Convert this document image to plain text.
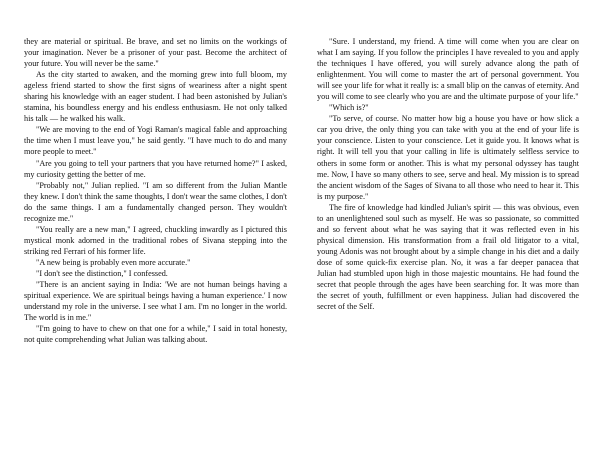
they are material or spiritual. Be brave, and set no limits on the workings of your imagination. Never be a prisoner of your past. Become the architect of your future. You will never be the same."

As the city started to awaken, and the morning grew into full bloom, my ageless friend started to show the first signs of weariness after a night spent sharing his knowledge with an eager student. I had been astonished by Julian's stamina, his boundless energy and his endless enthusiasm. He not only talked his talk — he walked his walk.

"We are moving to the end of Yogi Raman's magical fable and approaching the time when I must leave you," he said gently. "I have much to do and many more people to meet."

"Are you going to tell your partners that you have returned home?" I asked, my curiosity getting the better of me.

"Probably not," Julian replied. "I am so different from the Julian Mantle they knew. I don't think the same thoughts, I don't wear the same clothes, I don't do the same things. I am a fundamentally changed person. They wouldn't recognize me."

"You really are a new man," I agreed, chuckling inwardly as I pictured this mystical monk adorned in the traditional robes of Sivana stepping into the striking red Ferrari of his former life.

"A new being is probably even more accurate."

"I don't see the distinction," I confessed.

"There is an ancient saying in India: 'We are not human beings having a spiritual experience. We are spiritual beings having a human experience.' I now understand my role in the universe. I see what I am. I'm no longer in the world. The world is in me."

"I'm going to have to chew on that one for a while," I said in total honesty, not quite comprehending what Julian was talking about.

"Sure. I understand, my friend. A time will come when you are clear on what I am saying. If you follow the principles I have revealed to you and apply the techniques I have offered, you will surely advance along the path of enlightenment. You will come to master the art of personal government. You will see your life for what it really is: a small blip on the canvas of eternity. And you will come to see clearly who you are and the ultimate purpose of your life."

"Which is?"

"To serve, of course. No matter how big a house you have or how slick a car you drive, the only thing you can take with you at the end of your life is your conscience. Listen to your conscience. Let it guide you. It knows what is right. It will tell you that your calling in life is ultimately selfless service to others in some form or another. This is what my personal odyssey has taught me. Now, I have so many others to see, serve and heal. My mission is to spread the ancient wisdom of the Sages of Sivana to all those who need to hear it. This is my purpose."

The fire of knowledge had kindled Julian's spirit — this was obvious, even to an unenlightened soul such as myself. He was so passionate, so committed and so fervent about what he was saying that it was reflected even in his physical dimension. His transformation from a frail old litigator to a vital, young Adonis was not brought about by a simple change in his diet and a daily dose of some quick-fix exercise plan. No, it was a far deeper panacea that Julian had stumbled upon high in those majestic mountains. He had found the secret that people through the ages have been searching for. It was more than the secret of youth, fulfillment or even happiness. Julian had discovered the secret of the Self.
